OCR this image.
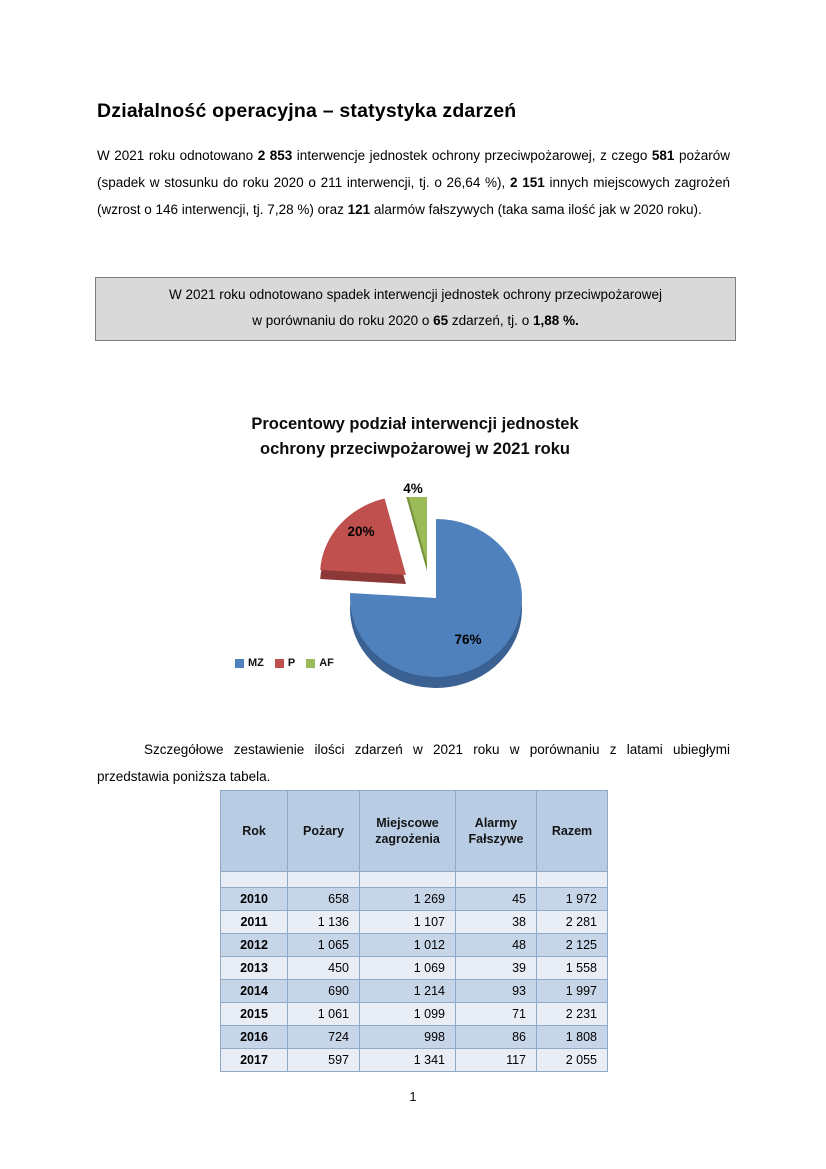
Działalność operacyjna – statystyka zdarzeń

W 2021 roku odnotowano 2 853 interwencje jednostek ochrony przeciwpożarowej, z czego 581 pożarów (spadek w stosunku do roku 2020 o 211 interwencji, tj. o 26,64 %), 2 151 innych miejscowych zagrożeń (wzrost o 146 interwencji, tj. 7,28 %) oraz 121 alarmów fałszywych (taka sama ilość jak w 2020 roku).

W 2021 roku odnotowano spadek interwencji jednostek ochrony przeciwpożarowej
w porównaniu do roku 2020 o 65 zdarzeń, tj. o 1,88 %.
Procentowy podział interwencji jednostek
ochrony przeciwpożarowej w 2021 roku
76%
20%
4%
MZ P AF

Szczegółowe zestawienie ilości zdarzeń w 2021 roku w porównaniu z latami ubiegłymi przedstawia poniższa tabela.

Rok	Pożary	Miejscowe zagrożenia	Alarmy Fałszywe	Razem

2010	658	1 269	45	1 972
2011	1 136	1 107	38	2 281
2012	1 065	1 012	48	2 125
2013	450	1 069	39	1 558
2014	690	1 214	93	1 997
2015	1 061	1 099	71	2 231
2016	724	998	86	1 808
2017	597	1 341	117	2 055
1
